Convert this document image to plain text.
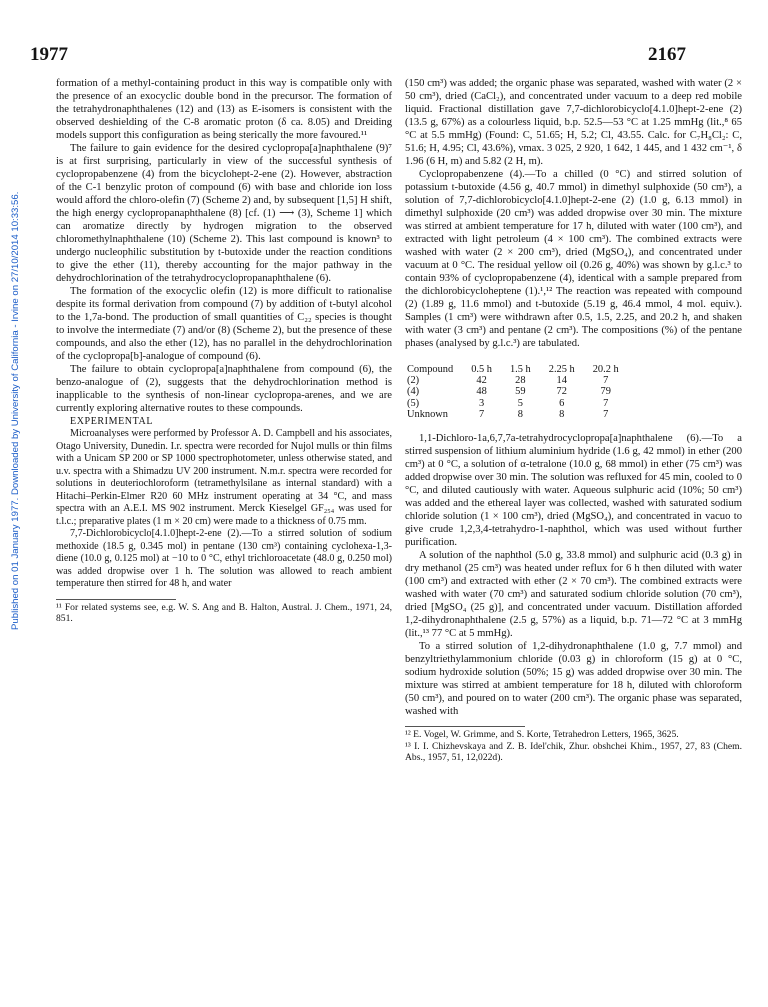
1977	2167
Published on 01 January 1977. Downloaded by University of California - Irvine on 27/10/2014 10:33:56.

formation of a methyl-containing product in this way is compatible only with the presence of an exocyclic double bond in the precursor. The formation of the tetrahydronaphthalenes (12) and (13) as E-isomers is consistent with the observed deshielding of the C-8 aromatic proton (δ ca. 8.05) and Dreiding models support this configuration as being sterically the more favoured.¹¹

The failure to gain evidence for the desired cyclopropa[a]naphthalene (9)⁷ is at first surprising, particularly in view of the successful synthesis of cyclopropabenzene (4) from the bicyclohept-2-ene (2). However, abstraction of the C-1 benzylic proton of compound (6) with base and chloride ion loss would afford the chloro-olefin (7) (Scheme 2) and, by subsequent [1,5] H shift, the high energy cyclopropanaphthalene (8) [cf. (1) ⟶ (3), Scheme 1] which can aromatize directly by hydrogen migration to the observed chloromethylnaphthalene (10) (Scheme 2). This last compound is known³ to undergo nucleophilic substitution by t-butoxide under the reaction conditions to give the ether (11), thereby accounting for the major pathway in the dehydrochlorination of the tetrahydrocyclopropanaphthalene (6).

The formation of the exocyclic olefin (12) is more difficult to rationalise despite its formal derivation from compound (7) by addition of t-butyl alcohol to the 1,7a-bond. The production of small quantities of C₂₂ species is thought to involve the intermediate (7) and/or (8) (Scheme 2), but the presence of these compounds, and also the ether (12), has no parallel in the dehydrochlorination of the cyclopropa[b]-analogue of compound (6).

The failure to obtain cyclopropa[a]naphthalene from compound (6), the benzo-analogue of (2), suggests that the dehydrochlorination method is inapplicable to the synthesis of non-linear cyclopropa-arenes, and we are currently exploring alternative routes to these compounds.

EXPERIMENTAL

Microanalyses were performed by Professor A. D. Campbell and his associates, Otago University, Dunedin. I.r. spectra were recorded for Nujol mulls or thin films with a Unicam SP 200 or SP 1000 spectrophotometer, unless otherwise stated, and u.v. spectra with a Shimadzu UV 200 instrument. N.m.r. spectra were recorded for solutions in deuteriochloroform (tetramethylsilane as internal standard) with a Hitachi–Perkin-Elmer R20 60 MHz instrument operating at 34 °C, and mass spectra with an A.E.I. MS 902 instrument. Merck Kieselgel GF₂₅₄ was used for t.l.c.; preparative plates (1 m × 20 cm) were made to a thickness of 0.75 mm.

7,7-Dichlorobicyclo[4.1.0]hept-2-ene (2).—To a stirred solution of sodium methoxide (18.5 g, 0.345 mol) in pentane (130 cm³) containing cyclohexa-1,3-diene (10.0 g, 0.125 mol) at −10 to 0 °C, ethyl trichloroacetate (48.0 g, 0.250 mol) was added dropwise over 1 h. The solution was allowed to reach ambient temperature then stirred for 48 h, and water

¹¹ For related systems see, e.g. W. S. Ang and B. Halton, Austral. J. Chem., 1971, 24, 851.

(150 cm³) was added; the organic phase was separated, washed with water (2 × 50 cm³), dried (CaCl₂), and concentrated under vacuum to a deep red mobile liquid. Fractional distillation gave 7,7-dichlorobicyclo[4.1.0]hept-2-ene (2) (13.5 g, 67%) as a colourless liquid, b.p. 52.5—53 °C at 1.25 mmHg (lit.,⁸ 65 °C at 5.5 mmHg) (Found: C, 51.65; H, 5.2; Cl, 43.55. Calc. for C₇H₈Cl₂: C, 51.6; H, 4.95; Cl, 43.6%), νmax. 3 025, 2 920, 1 642, 1 445, and 1 432 cm⁻¹, δ 1.96 (6 H, m) and 5.82 (2 H, m).

Cyclopropabenzene (4).—To a chilled (0 °C) and stirred solution of potassium t-butoxide (4.56 g, 40.7 mmol) in dimethyl sulphoxide (50 cm³), a solution of 7,7-dichlorobicyclo[4.1.0]hept-2-ene (2) (1.0 g, 6.13 mmol) in dimethyl sulphoxide (20 cm³) was added dropwise over 30 min. The mixture was stirred at ambient temperature for 17 h, diluted with water (100 cm³), and extracted with light petroleum (4 × 100 cm³). The combined extracts were washed with water (2 × 200 cm³), dried (MgSO₄), and concentrated under vacuum at 0 °C. The residual yellow oil (0.26 g, 40%) was shown by g.l.c.³ to contain 93% of cyclopropabenzene (4), identical with a sample prepared from the dichlorobicycloheptene (1).¹,¹² The reaction was repeated with compound (2) (1.89 g, 11.6 mmol) and t-butoxide (5.19 g, 46.4 mmol, 4 mol. equiv.). Samples (1 cm³) were withdrawn after 0.5, 1.5, 2.25, and 20.2 h, and shaken with water (3 cm³) and pentane (2 cm³). The compositions (%) of the pentane phases (analysed by g.l.c.³) are tabulated.

Compound	0.5 h	1.5 h	2.25 h	20.2 h
(2)	42	28	14	7
(4)	48	59	72	79
(5)	3	5	6	7
Unknown	7	8	8	7

1,1-Dichloro-1a,6,7,7a-tetrahydrocyclopropa[a]naphthalene (6).—To a stirred suspension of lithium aluminium hydride (1.6 g, 42 mmol) in ether (200 cm³) at 0 °C, a solution of α-tetralone (10.0 g, 68 mmol) in ether (75 cm³) was added dropwise over 30 min. The solution was refluxed for 45 min, cooled to 0 °C, and diluted cautiously with water. Aqueous sulphuric acid (10%; 50 cm³) was added and the ethereal layer was collected, washed with saturated sodium chloride solution (1 × 100 cm³), dried (MgSO₄), and concentrated in vacuo to give crude 1,2,3,4-tetrahydro-1-naphthol, which was used without further purification.

A solution of the naphthol (5.0 g, 33.8 mmol) and sulphuric acid (0.3 g) in dry methanol (25 cm³) was heated under reflux for 6 h then diluted with water (100 cm³) and extracted with ether (2 × 70 cm³). The combined extracts were washed with water (70 cm³) and saturated sodium chloride solution (70 cm³), dried [MgSO₄ (25 g)], and concentrated under vacuum. Distillation afforded 1,2-dihydronaphthalene (2.5 g, 57%) as a liquid, b.p. 71—72 °C at 3 mmHg (lit.,¹³ 77 °C at 5 mmHg).

To a stirred solution of 1,2-dihydronaphthalene (1.0 g, 7.7 mmol) and benzyltriethylammonium chloride (0.03 g) in chloroform (15 g) at 0 °C, sodium hydroxide solution (50%; 15 g) was added dropwise over 30 min. The mixture was stirred at ambient temperature for 18 h, diluted with chloroform (50 cm³), and poured on to water (200 cm³). The organic phase was separated, washed with

¹² E. Vogel, W. Grimme, and S. Korte, Tetrahedron Letters, 1965, 3625.

¹³ I. I. Chizhevskaya and Z. B. Idel'chik, Zhur. obshchei Khim., 1957, 27, 83 (Chem. Abs., 1957, 51, 12,022d).
